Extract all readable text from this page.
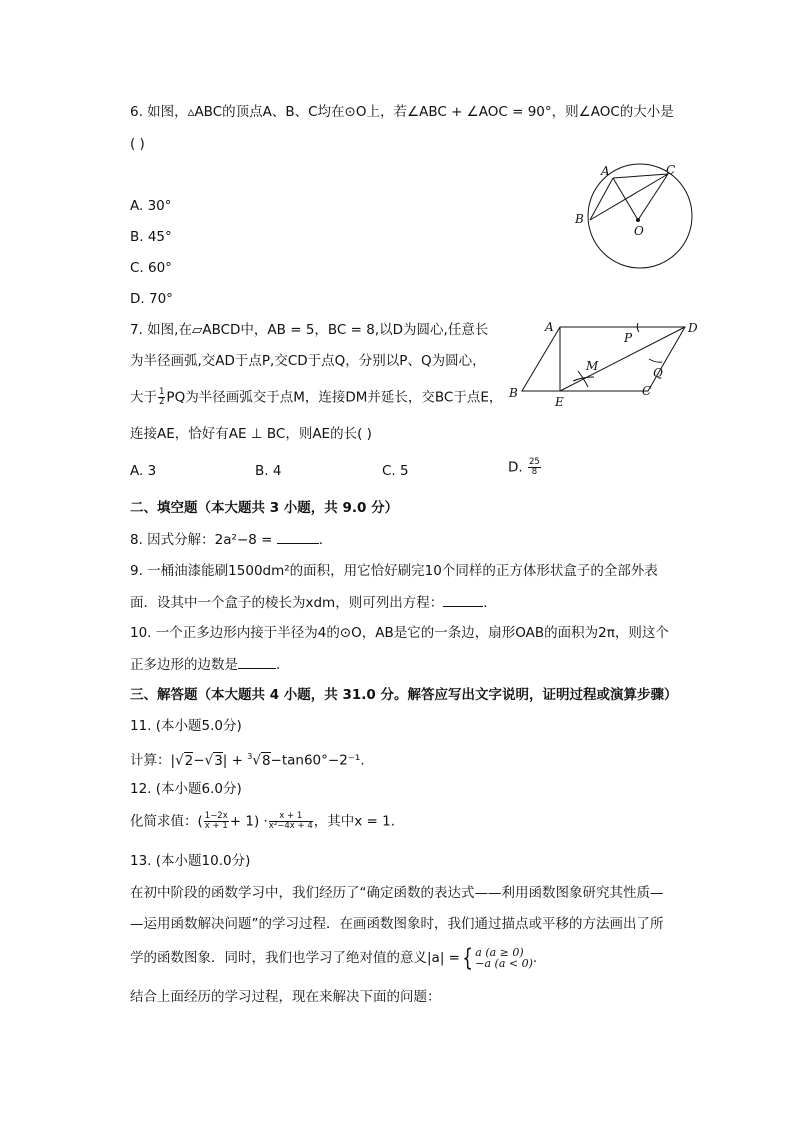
6. 如图，▵ABC的顶点A、B、C均在⊙O上，若∠ABC + ∠AOC = 90°，则∠AOC的大小是
( )
A. 30°
B. 45°
C. 60°
D. 70°
A	C
B
O
7. 如图,在▱ABCD中，AB = 5，BC = 8,以D为圆心,任意长
为半径画弧,交AD于点P,交CD于点Q，分别以P、Q为圆心，
大于 $\frac{1}{2}$ PQ为半径画弧交于点M，连接DM并延长，交BC于点E，
连接AE，恰好有AE ⊥ BC，则AE的长( )
A. 3	B. 4	C. 5	D. $\frac{25}{8}$
A	D
P
M	Q
B	C
E
二、填空题（本大题共 3 小题，共 9.0 分）
8. 因式分解：2a²−8 =	.
9. 一桶油漆能刷1500dm²的面积，用它恰好刷完10个同样的正方体形状盒子的全部外表
面．设其中一个盒子的棱长为xdm，则可列出方程：	.
10. 一个正多边形内接于半径为4的⊙O，AB是它的一条边，扇形OAB的面积为2π，则这个
正多边形的边数是	.
三、解答题（本大题共 4 小题，共 31.0 分。解答应写出文字说明，证明过程或演算步骤）
11. (本小题5.0分)
计算：|√2−√3| + $^3$√8−tan60°−2⁻¹.
12. (本小题6.0分)
化简求值：( $\frac{1-2x}{x + 1} + 1) \cdot \frac{x + 1}{\text{x²−4x + 4}}$ ，其中x = 1.
13. (本小题10.0分)
在初中阶段的函数学习中，我们经历了“确定函数的表达式——利用函数图象研究其性质—
—运用函数解决问题”的学习过程．在画函数图象时，我们通过描点或平移的方法画出了所
学的函数图象．同时，我们也学习了绝对值的意义|a| ={ a (a ≥ 0)
−a (a < 0) .
结合上面经历的学习过程，现在来解决下面的问题：
